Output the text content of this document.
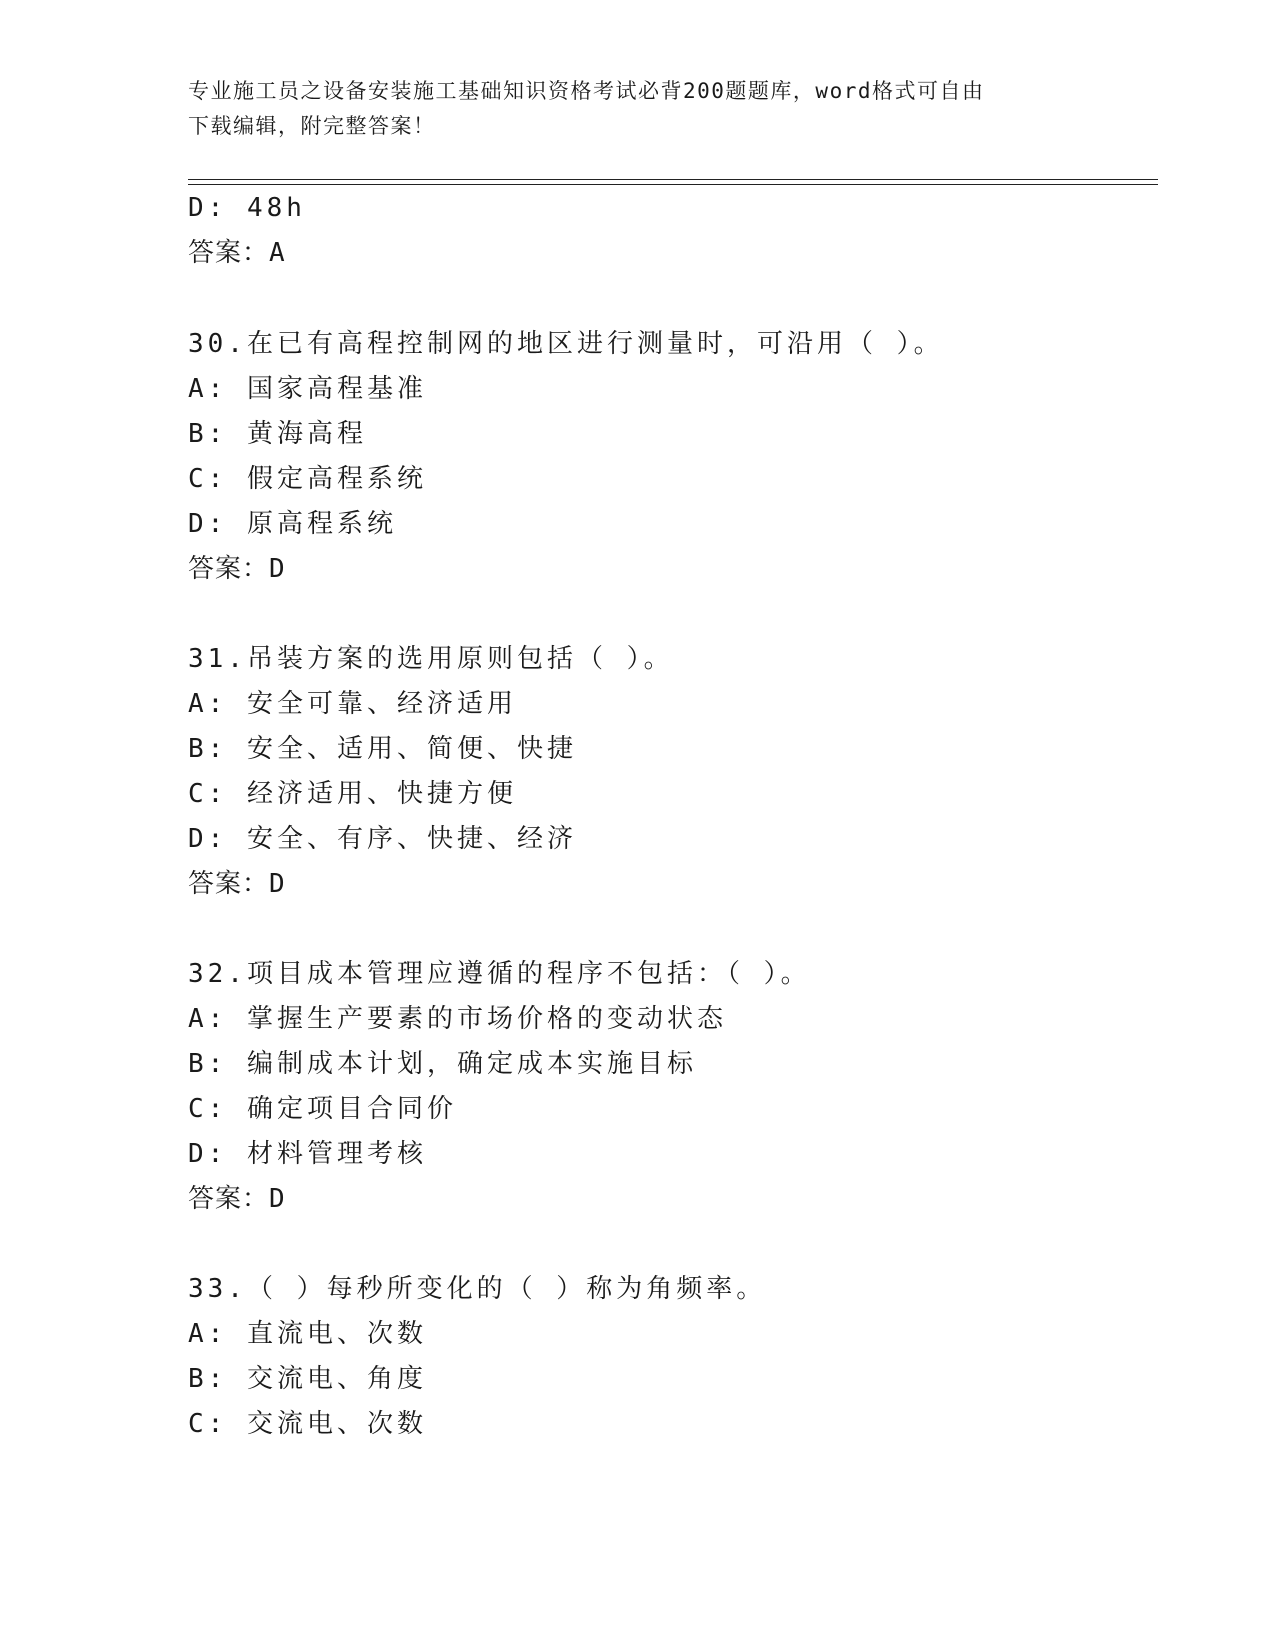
专业施工员之设备安装施工基础知识资格考试必背200题题库，word格式可自由
下载编辑，附完整答案！
D: 48h
答案：A
30.在已有高程控制网的地区进行测量时，可沿用（ ）。
A: 国家高程基准
B: 黄海高程
C: 假定高程系统
D: 原高程系统
答案：D
31.吊装方案的选用原则包括（ ）。
A: 安全可靠、经济适用
B: 安全、适用、简便、快捷
C: 经济适用、快捷方便
D: 安全、有序、快捷、经济
答案：D
32.项目成本管理应遵循的程序不包括：（ ）。
A: 掌握生产要素的市场价格的变动状态
B: 编制成本计划，确定成本实施目标
C: 确定项目合同价
D: 材料管理考核
答案：D
33.（ ）每秒所变化的（ ）称为角频率。
A: 直流电、次数
B: 交流电、角度
C: 交流电、次数
